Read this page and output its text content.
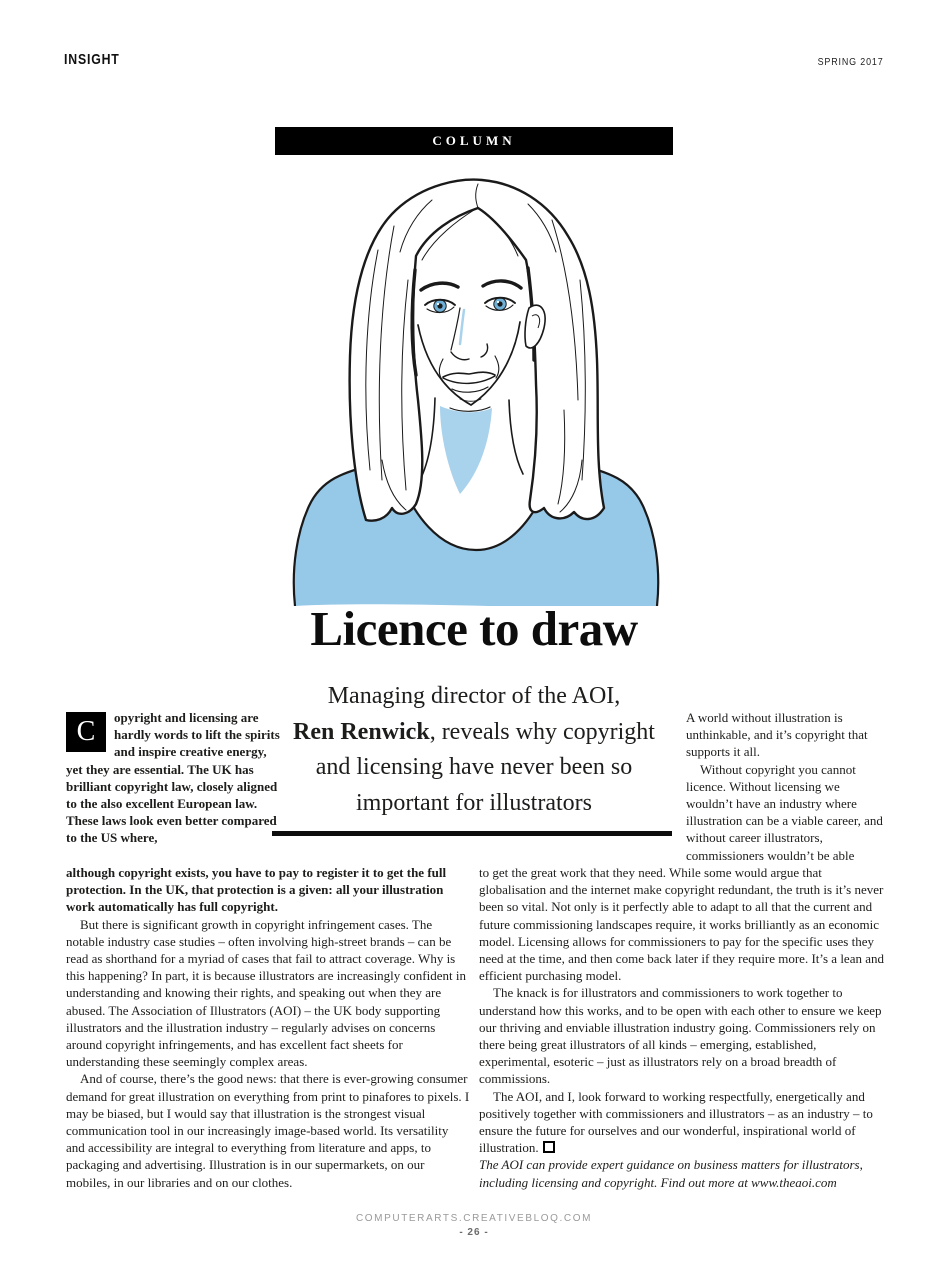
INSIGHT	SPRING 2017
COLUMN
Licence to draw
Managing director of the AOI,
Ren Renwick, reveals why copyright
and licensing have never been so
important for illustrators
C	opyright and licensing are hardly words to lift the spirits and inspire creative energy, yet they are essential. The UK has brilliant copyright law, closely aligned to the also excellent European law. These laws look even better compared to the US where,

A world without illustration is unthinkable, and it’s copyright that supports it all.

Without copyright you cannot licence. Without licensing we wouldn’t have an industry where illustration can be a viable career, and without career illustrators, commissioners wouldn’t be able

although copyright exists, you have to pay to register it to get the full protection. In the UK, that protection is a given: all your illustration work automatically has full copyright.

But there is significant growth in copyright infringement cases. The notable industry case studies – often involving high-street brands – can be read as shorthand for a myriad of cases that fail to attract coverage. Why is this happening? In part, it is because illustrators are increasingly confident in understanding and knowing their rights, and speaking out when they are abused. The Association of Illustrators (AOI) – the UK body supporting illustrators and the illustration industry – regularly advises on concerns around copyright infringements, and has excellent fact sheets for understanding these seemingly complex areas.

And of course, there’s the good news: that there is ever-growing consumer demand for great illustration on everything from print to pinafores to pixels. I may be biased, but I would say that illustration is the strongest visual communication tool in our increasingly image-based world. Its versatility and accessibility are integral to everything from literature and apps, to packaging and advertising. Illustration is in our supermarkets, on our mobiles, in our libraries and on our clothes.

to get the great work that they need. While some would argue that globalisation and the internet make copyright redundant, the truth is it’s never been so vital. Not only is it perfectly able to adapt to all that the current and future commissioning landscapes require, it works brilliantly as an economic model. Licensing allows for commissioners to pay for the specific uses they need at the time, and then come back later if they require more. It’s a lean and efficient purchasing model.

The knack is for illustrators and commissioners to work together to understand how this works, and to be open with each other to ensure we keep our thriving and enviable illustration industry going. Commissioners rely on there being great illustrators of all kinds – emerging, established, experimental, esoteric – just as illustrators rely on a broad breadth of commissions.

The AOI, and I, look forward to working respectfully, energetically and positively together with commissioners and illustrators – as an industry – to ensure the future for ourselves and our wonderful, inspirational world of illustration.

The AOI can provide expert guidance on business matters for illustrators, including licensing and copyright. Find out more at www.theaoi.com

COMPUTERARTS.CREATIVEBLOQ.COM
- 26 -
